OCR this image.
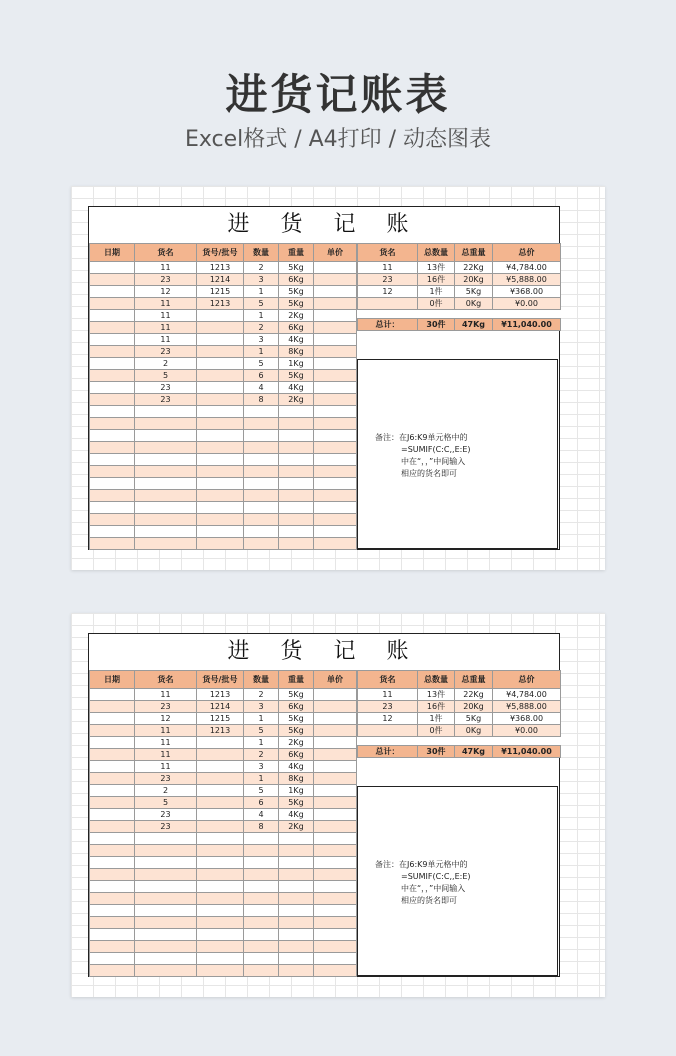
进货记账表
Excel格式 / A4打印 / 动态图表
进 货 记 账
日期	货名	货号/批号	数量	重量	单价
	11	1213	2	5Kg	
	23	1214	3	6Kg	
	12	1215	1	5Kg	
	11	1213	5	5Kg	
	11		1	2Kg	
	11		2	6Kg	
	11		3	4Kg	
	23		1	8Kg	
	2		5	1Kg	
	5		6	5Kg	
	23		4	4Kg	
	23		8	2Kg	

货名	总数量	总重量	总价
11	13件	22Kg	¥4,784.00
23	16件	20Kg	¥5,888.00
12	1件	5Kg	¥368.00
	0件	0Kg	¥0.00

总计：	30件	47Kg	¥11,040.00
备注：在J6:K9单元格中的
=SUMIF(C:C,,E:E)
中在“，，”中间输入
相应的货名即可
进 货 记 账
日期	货名	货号/批号	数量	重量	单价
	11	1213	2	5Kg	
	23	1214	3	6Kg	
	12	1215	1	5Kg	
	11	1213	5	5Kg	
	11		1	2Kg	
	11		2	6Kg	
	11		3	4Kg	
	23		1	8Kg	
	2		5	1Kg	
	5		6	5Kg	
	23		4	4Kg	
	23		8	2Kg	

货名	总数量	总重量	总价
11	13件	22Kg	¥4,784.00
23	16件	20Kg	¥5,888.00
12	1件	5Kg	¥368.00
	0件	0Kg	¥0.00

总计：	30件	47Kg	¥11,040.00
备注：在J6:K9单元格中的
=SUMIF(C:C,,E:E)
中在“，，”中间输入
相应的货名即可
